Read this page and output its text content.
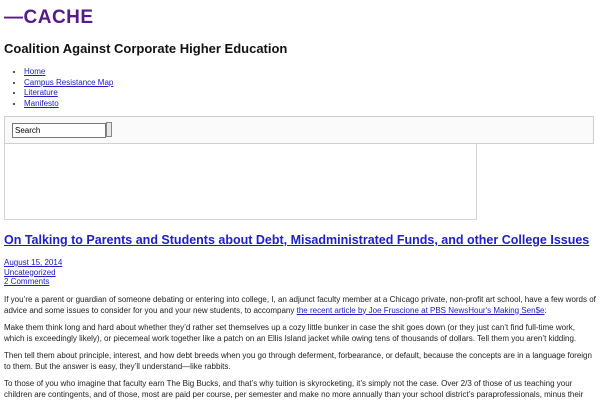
—CACHE
Coalition Against Corporate Higher Education
• Home
• Campus Resistance Map
• Literature
• Manifesto
Search
On Talking to Parents and Students about Debt, Misadministrated Funds, and other College Issues
August 15, 2014
Uncategorized
2 Comments

If you’re a parent or guardian of someone debating or entering into college, I, an adjunct faculty member at a Chicago private, non-profit art school, have a few words of advice and some issues to consider for you and your new students, to accompany the recent article by Joe Fruscione at PBS NewsHour's Making Sen$e:

Make them think long and hard about whether they’d rather set themselves up a cozy little bunker in case the shit goes down (or they just can’t find full-time work, which is exceedingly likely), or piecemeal work together like a patch on an Ellis Island jacket while owing tens of thousands of dollars. Tell them you aren’t kidding.

Then tell them about principle, interest, and how debt breeds when you go through deferment, forbearance, or default, because the concepts are in a language foreign to them. But the answer is easy, they’ll understand—like rabbits.

To those of you who imagine that faculty earn The Big Bucks, and that’s why tuition is skyrocketing, it’s simply not the case. Over 2/3 of those of us teaching your children are contingents, and of those, most are paid per course, per semester and make no more annually than your school district’s paraprofessionals, minus their
